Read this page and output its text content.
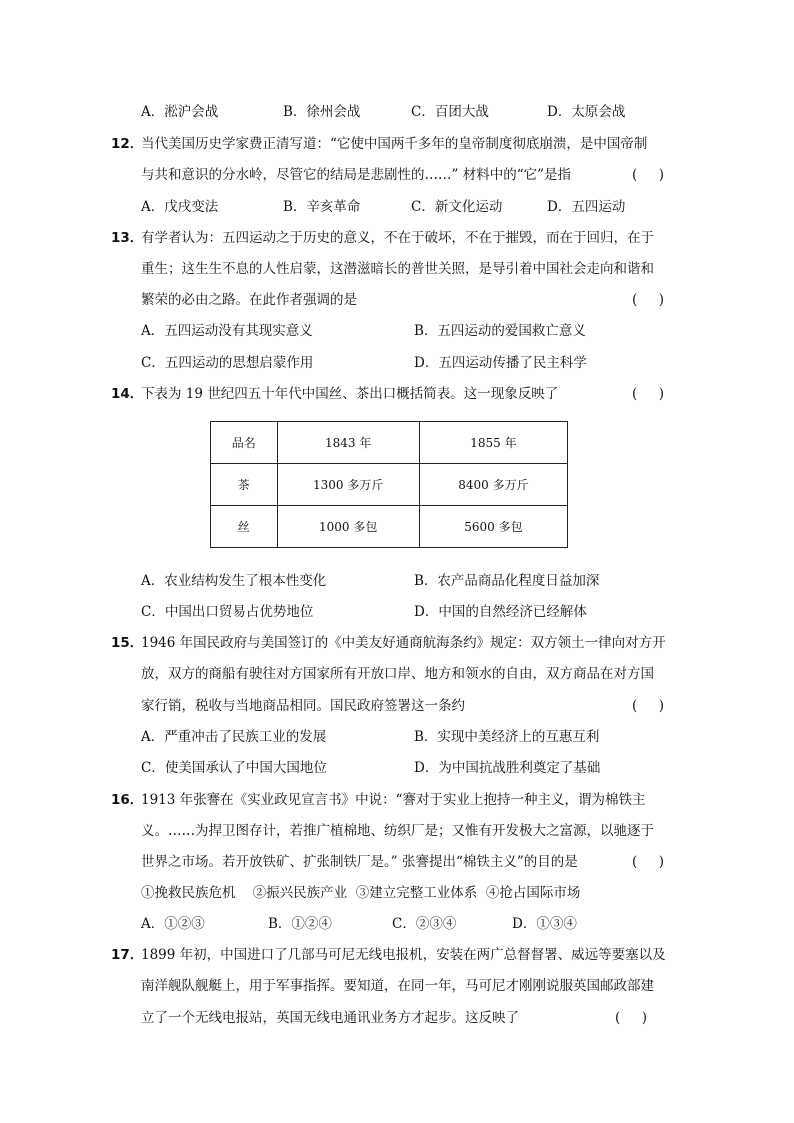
A．淞沪会战	B．徐州会战	C．百团大战	D．太原会战
12．
当代美国历史学家费正清写道：“它使中国两千多年的皇帝制度彻底崩溃，是中国帝制
与共和意识的分水岭，尽管它的结局是悲剧性的……” 材料中的“它”是指	(     )
A．戊戌变法	B．辛亥革命	C．新文化运动	D．五四运动
13．
有学者认为：五四运动之于历史的意义，不在于破坏，不在于摧毁，而在于回归，在于
重生；这生生不息的人性启蒙，这潜滋暗长的普世关照，是导引着中国社会走向和谐和
繁荣的必由之路。在此作者强调的是	(     )
A．五四运动没有其现实意义	B．五四运动的爱国救亡意义
C．五四运动的思想启蒙作用	D．五四运动传播了民主科学
14．
下表为 19 世纪四五十年代中国丝、茶出口概括简表。这一现象反映了	(     )
品名	1843 年	1855 年
茶	1300 多万斤	8400 多万斤
丝	1000 多包	5600 多包
A．农业结构发生了根本性变化	B．农产品商品化程度日益加深
C．中国出口贸易占优势地位	D．中国的自然经济已经解体
15．
1946 年国民政府与美国签订的《中美友好通商航海条约》规定：双方领土一律向对方开
放，双方的商船有驶往对方国家所有开放口岸、地方和领水的自由，双方商品在对方国
家行销，税收与当地商品相同。国民政府签署这一条约	(     )
A．严重冲击了民族工业的发展	B．实现中美经济上的互惠互利
C．使美国承认了中国大国地位	D．为中国抗战胜利奠定了基础
16．
1913 年张謇在《实业政见宣言书》中说：“謇对于实业上抱持一种主义，谓为棉铁主
义。……为捍卫图存计，若推广植棉地、纺织厂是；又惟有开发极大之富源，以驰逐于
世界之市场。若开放铁矿、扩张制铁厂是。” 张謇提出“棉铁主义”的目的是	(     )
①挽救民族危机    ②振兴民族产业  ③建立完整工业体系  ④抢占国际市场
A．①②③	B．①②④	C．②③④	D．①③④
17．
1899 年初，中国进口了几部马可尼无线电报机，安装在两广总督督署、威远等要塞以及
南洋舰队舰艇上，用于军事指挥。要知道，在同一年，马可尼才刚刚说服英国邮政部建
立了一个无线电报站，英国无线电通讯业务方才起步。这反映了	(     )
